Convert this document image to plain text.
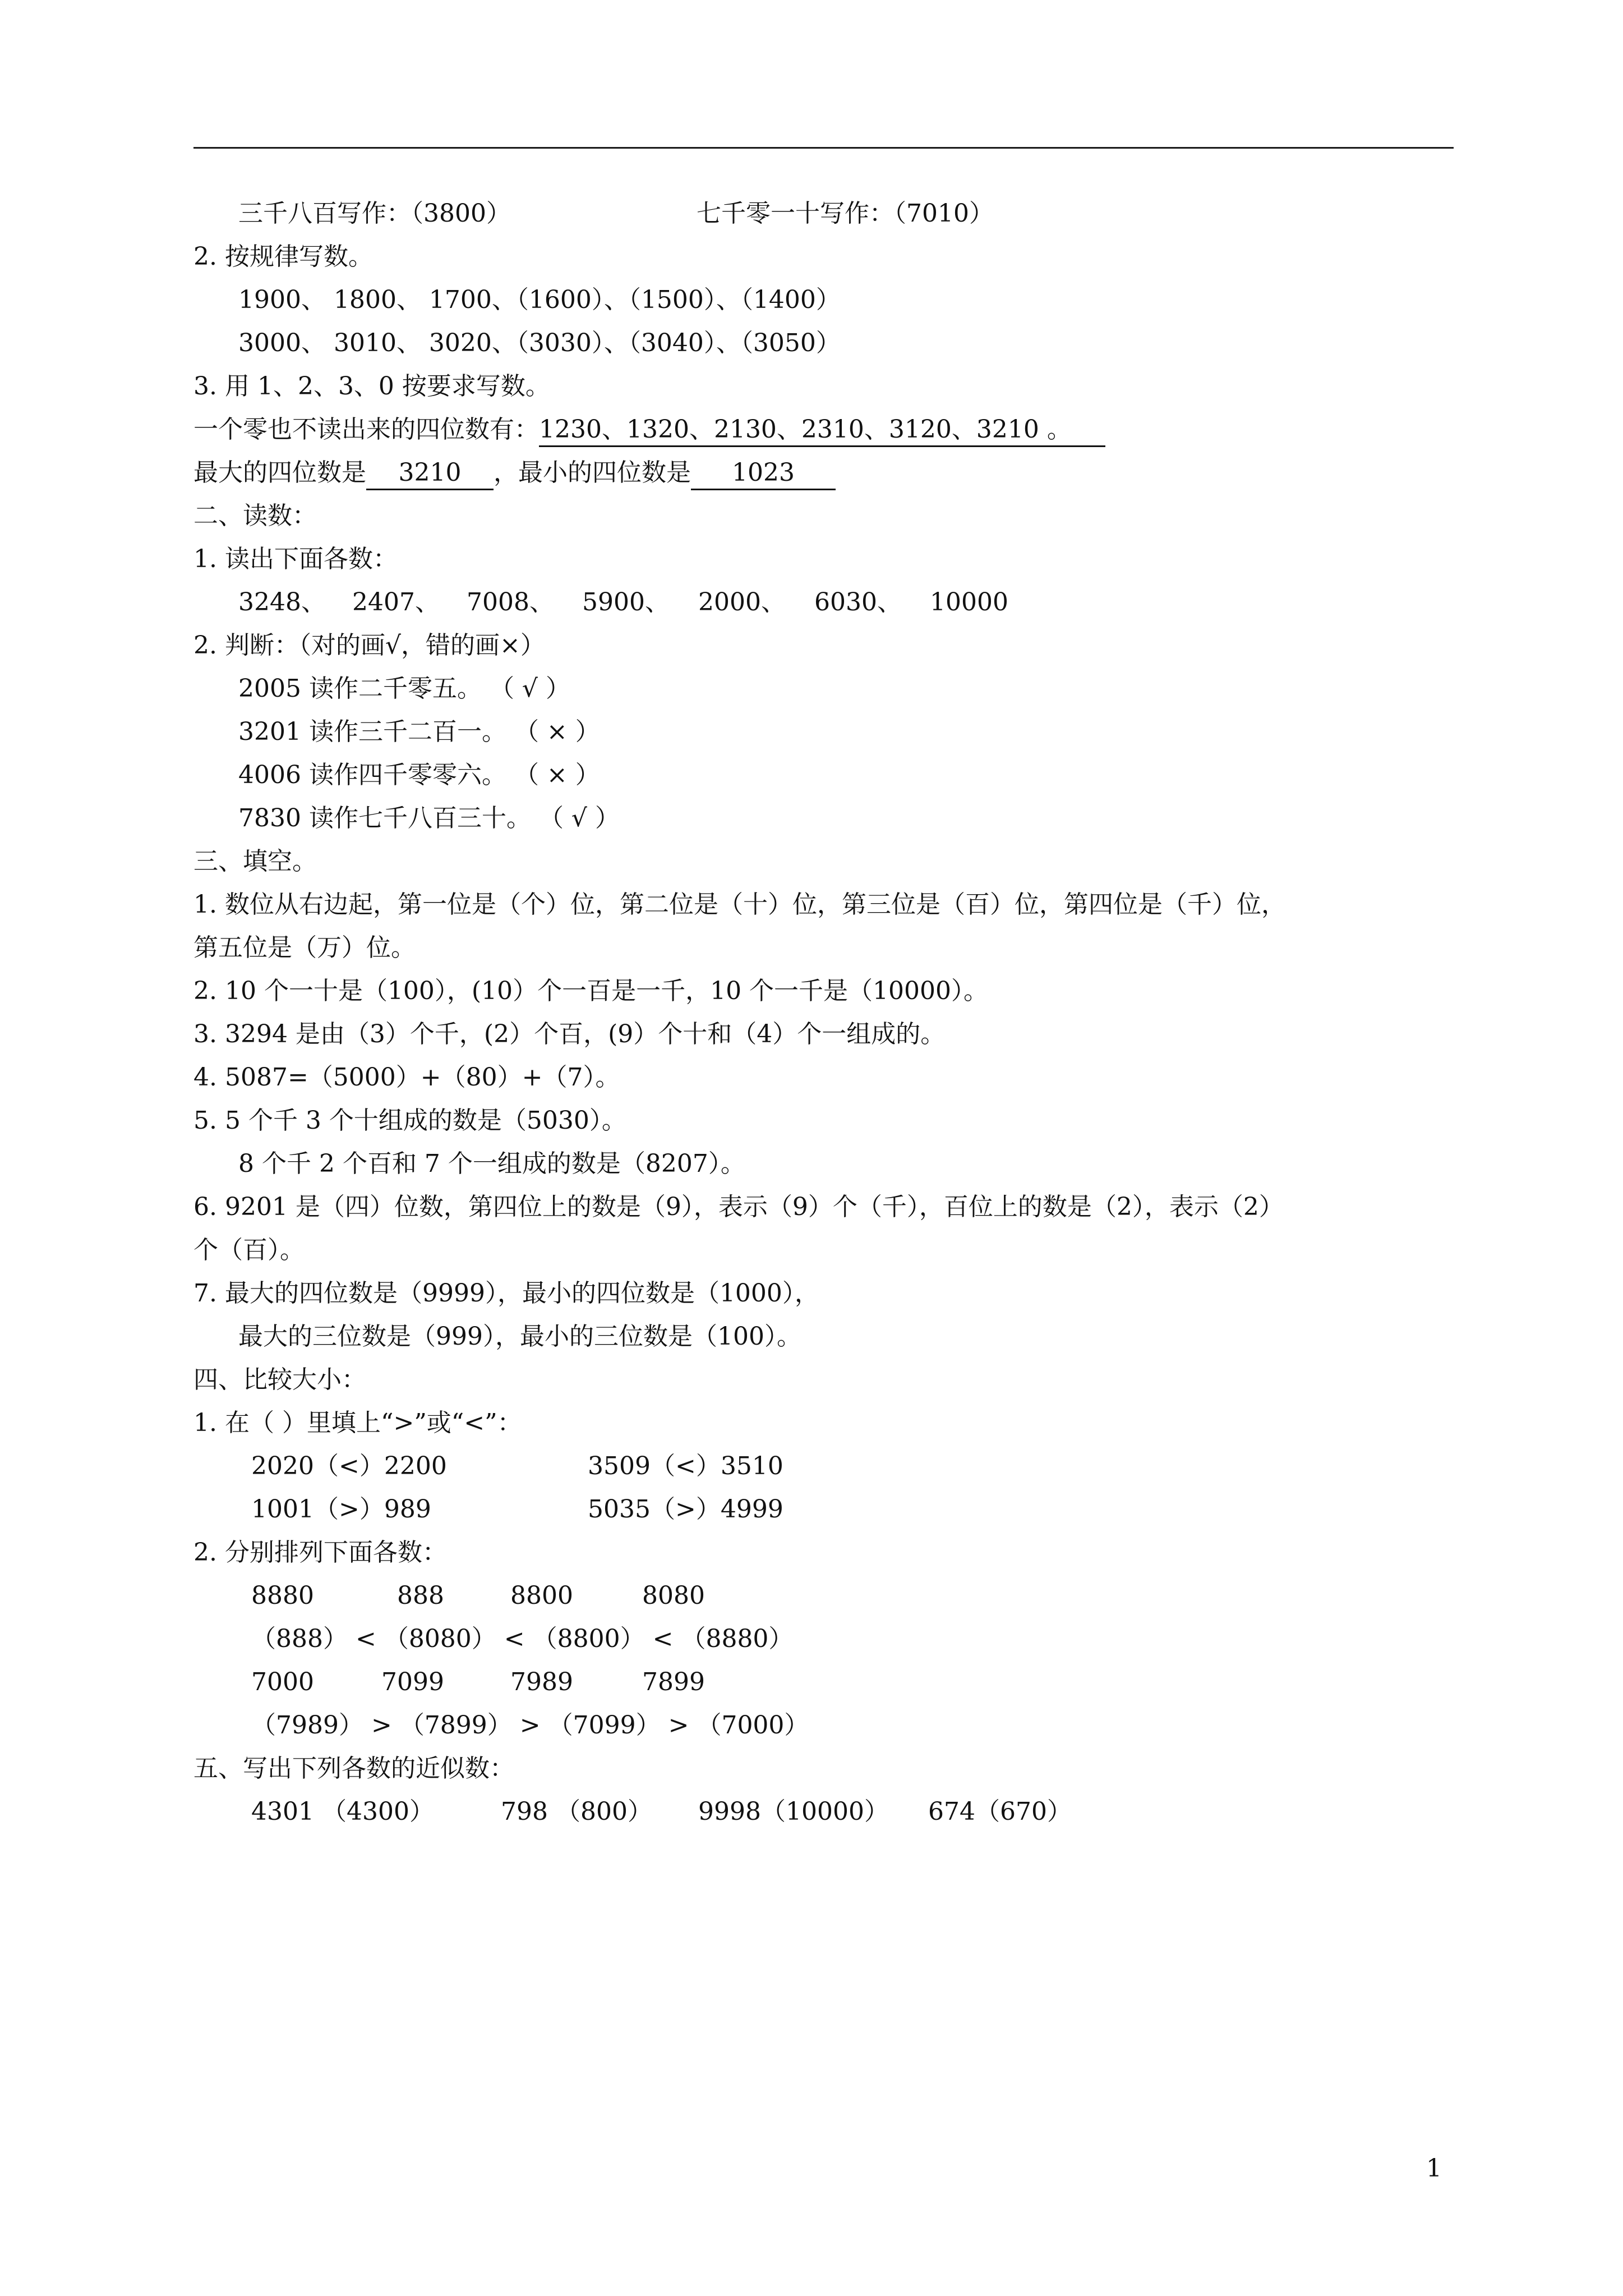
三千八百写作：（3800）	七千零一十写作：（7010）
2. 按规律写数。
1900、 1800、 1700、（1600）、（1500）、（1400）
3000、 3010、 3020、（3030）、（3040）、（3050）
3. 用 1、2、3、0 按要求写数。
一个零也不读出来的四位数有：1230、1320、2130、2310、3120、3210 。
最大的四位数是 3210 ，最小的四位数是 1023
二、读数：
1. 读出下面各数：
3248、 2407、 7008、 5900、 2000、 6030、 10000
2. 判断：（对的画√，错的画×）
2005 读作二千零五。 （ √ ）
3201 读作三千二百一。 （ × ）
4006 读作四千零零六。 （ × ）
7830 读作七千八百三十。 （ √ ）
三、填空。
1. 数位从右边起，第一位是（个）位，第二位是（十）位，第三位是（百）位，第四位是（千）位，
第五位是（万）位。
2. 10 个一十是（100），(10）个一百是一千，10 个一千是（10000）。
3. 3294 是由（3）个千，(2）个百，(9）个十和（4）个一组成的。
4. 5087=（5000）+（80）+（7）。
5. 5 个千 3 个十组成的数是（5030）。
8 个千 2 个百和 7 个一组成的数是（8207）。
6. 9201 是（四）位数，第四位上的数是（9），表示（9）个（千），百位上的数是（2），表示（2）
个（百）。
7. 最大的四位数是（9999），最小的四位数是（1000），
最大的三位数是（999），最小的三位数是（100）。
四、比较大小：
1. 在（ ）里填上“>”或“<”：
2020（<）2200	3509（<）3510
1001（>）989	5035（>）4999
2. 分别排列下面各数：
8880	888	8800	8080
（888） < （8080） < （8800） < （8880）
7000	7099	7989	7899
（7989） > （7899） > （7099） > （7000）
五、写出下列各数的近似数：
4301 （4300）	798 （800） 9998（10000） 674（670）
1
